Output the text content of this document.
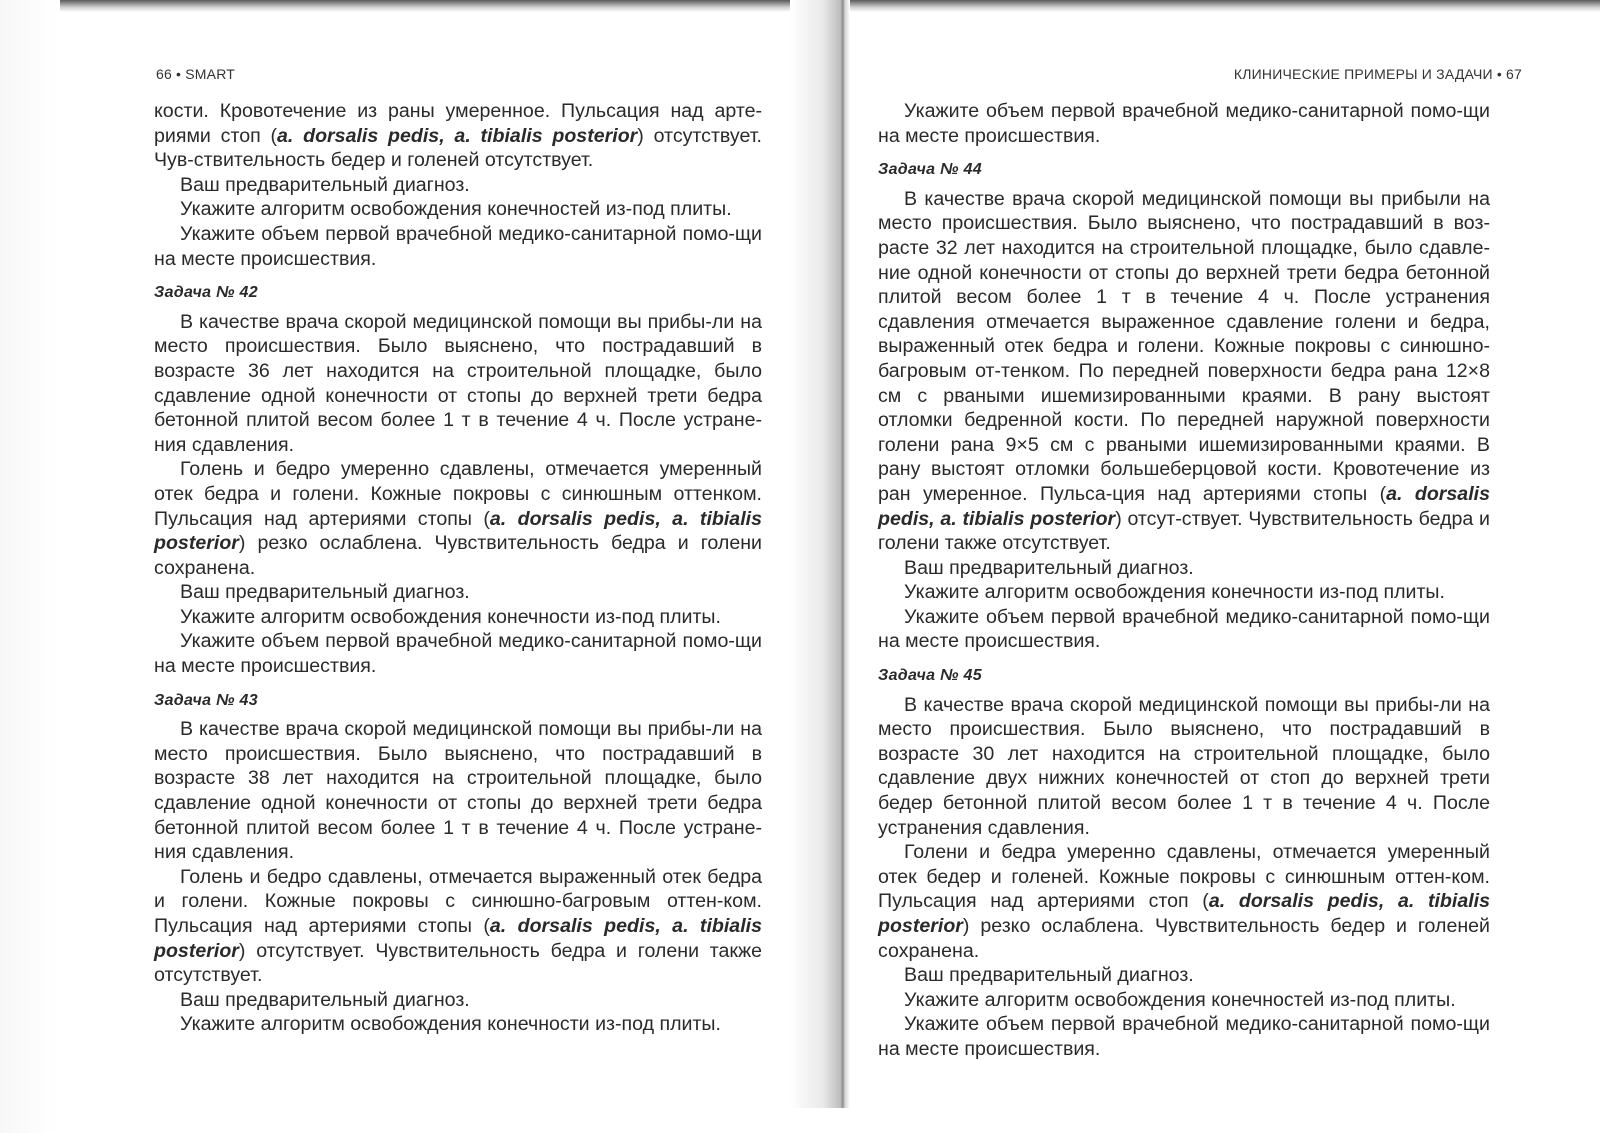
66 • SMART

кости. Кровотечение из раны умеренное. Пульсация над арте-риями стоп (a. dorsalis pedis, a. tibialis posterior) отсутствует. Чув-ствительность бедер и голеней отсутствует.

Ваш предварительный диагноз.

Укажите алгоритм освобождения конечностей из-под плиты.

Укажите объем первой врачебной медико-санитарной помо-щи на месте происшествия.

Задача № 42

В качестве врача скорой медицинской помощи вы прибы-ли на место происшествия. Было выяснено, что пострадавший в возрасте 36 лет находится на строительной площадке, было сдавление одной конечности от стопы до верхней трети бедра бетонной плитой весом более 1 т в течение 4 ч. После устране-ния сдавления.

Голень и бедро умеренно сдавлены, отмечается умеренный отек бедра и голени. Кожные покровы с синюшным оттенком. Пульсация над артериями стопы (a. dorsalis pedis, a. tibialis posterior) резко ослаблена. Чувствительность бедра и голени сохранена.

Ваш предварительный диагноз.

Укажите алгоритм освобождения конечности из-под плиты.

Укажите объем первой врачебной медико-санитарной помо-щи на месте происшествия.

Задача № 43

В качестве врача скорой медицинской помощи вы прибы-ли на место происшествия. Было выяснено, что пострадавший в возрасте 38 лет находится на строительной площадке, было сдавление одной конечности от стопы до верхней трети бедра бетонной плитой весом более 1 т в течение 4 ч. После устране-ния сдавления.

Голень и бедро сдавлены, отмечается выраженный отек бедра и голени. Кожные покровы с синюшно-багровым оттен-ком. Пульсация над артериями стопы (a. dorsalis pedis, a. tibialis posterior) отсутствует. Чувствительность бедра и голени также отсутствует.

Ваш предварительный диагноз.

Укажите алгоритм освобождения конечности из-под плиты.

КЛИНИЧЕСКИЕ ПРИМЕРЫ И ЗАДАЧИ • 67

Укажите объем первой врачебной медико-санитарной помо-щи на месте происшествия.

Задача № 44

В качестве врача скорой медицинской помощи вы прибыли на место происшествия. Было выяснено, что пострадавший в воз-расте 32 лет находится на строительной площадке, было сдавле-ние одной конечности от стопы до верхней трети бедра бетонной плитой весом более 1 т в течение 4 ч. После устранения сдавления отмечается выраженное сдавление голени и бедра, выраженный отек бедра и голени. Кожные покровы с синюшно-багровым от-тенком. По передней поверхности бедра рана 12×8 см с рваными ишемизированными краями. В рану выстоят отломки бедренной кости. По передней наружной поверхности голени рана 9×5 см с рваными ишемизированными краями. В рану выстоят отломки большеберцовой кости. Кровотечение из ран умеренное. Пульса-ция над артериями стопы (a. dorsalis pedis, a. tibialis posterior) отсут-ствует. Чувствительность бедра и голени также отсутствует.

Ваш предварительный диагноз.

Укажите алгоритм освобождения конечности из-под плиты.

Укажите объем первой врачебной медико-санитарной помо-щи на месте происшествия.

Задача № 45

В качестве врача скорой медицинской помощи вы прибы-ли на место происшествия. Было выяснено, что пострадавший в возрасте 30 лет находится на строительной площадке, было сдавление двух нижних конечностей от стоп до верхней трети бедер бетонной плитой весом более 1 т в течение 4 ч. После устранения сдавления.

Голени и бедра умеренно сдавлены, отмечается умеренный отек бедер и голеней. Кожные покровы с синюшным оттен-ком. Пульсация над артериями стоп (a. dorsalis pedis, a. tibialis posterior) резко ослаблена. Чувствительность бедер и голеней сохранена.

Ваш предварительный диагноз.

Укажите алгоритм освобождения конечностей из-под плиты.

Укажите объем первой врачебной медико-санитарной помо-щи на месте происшествия.
